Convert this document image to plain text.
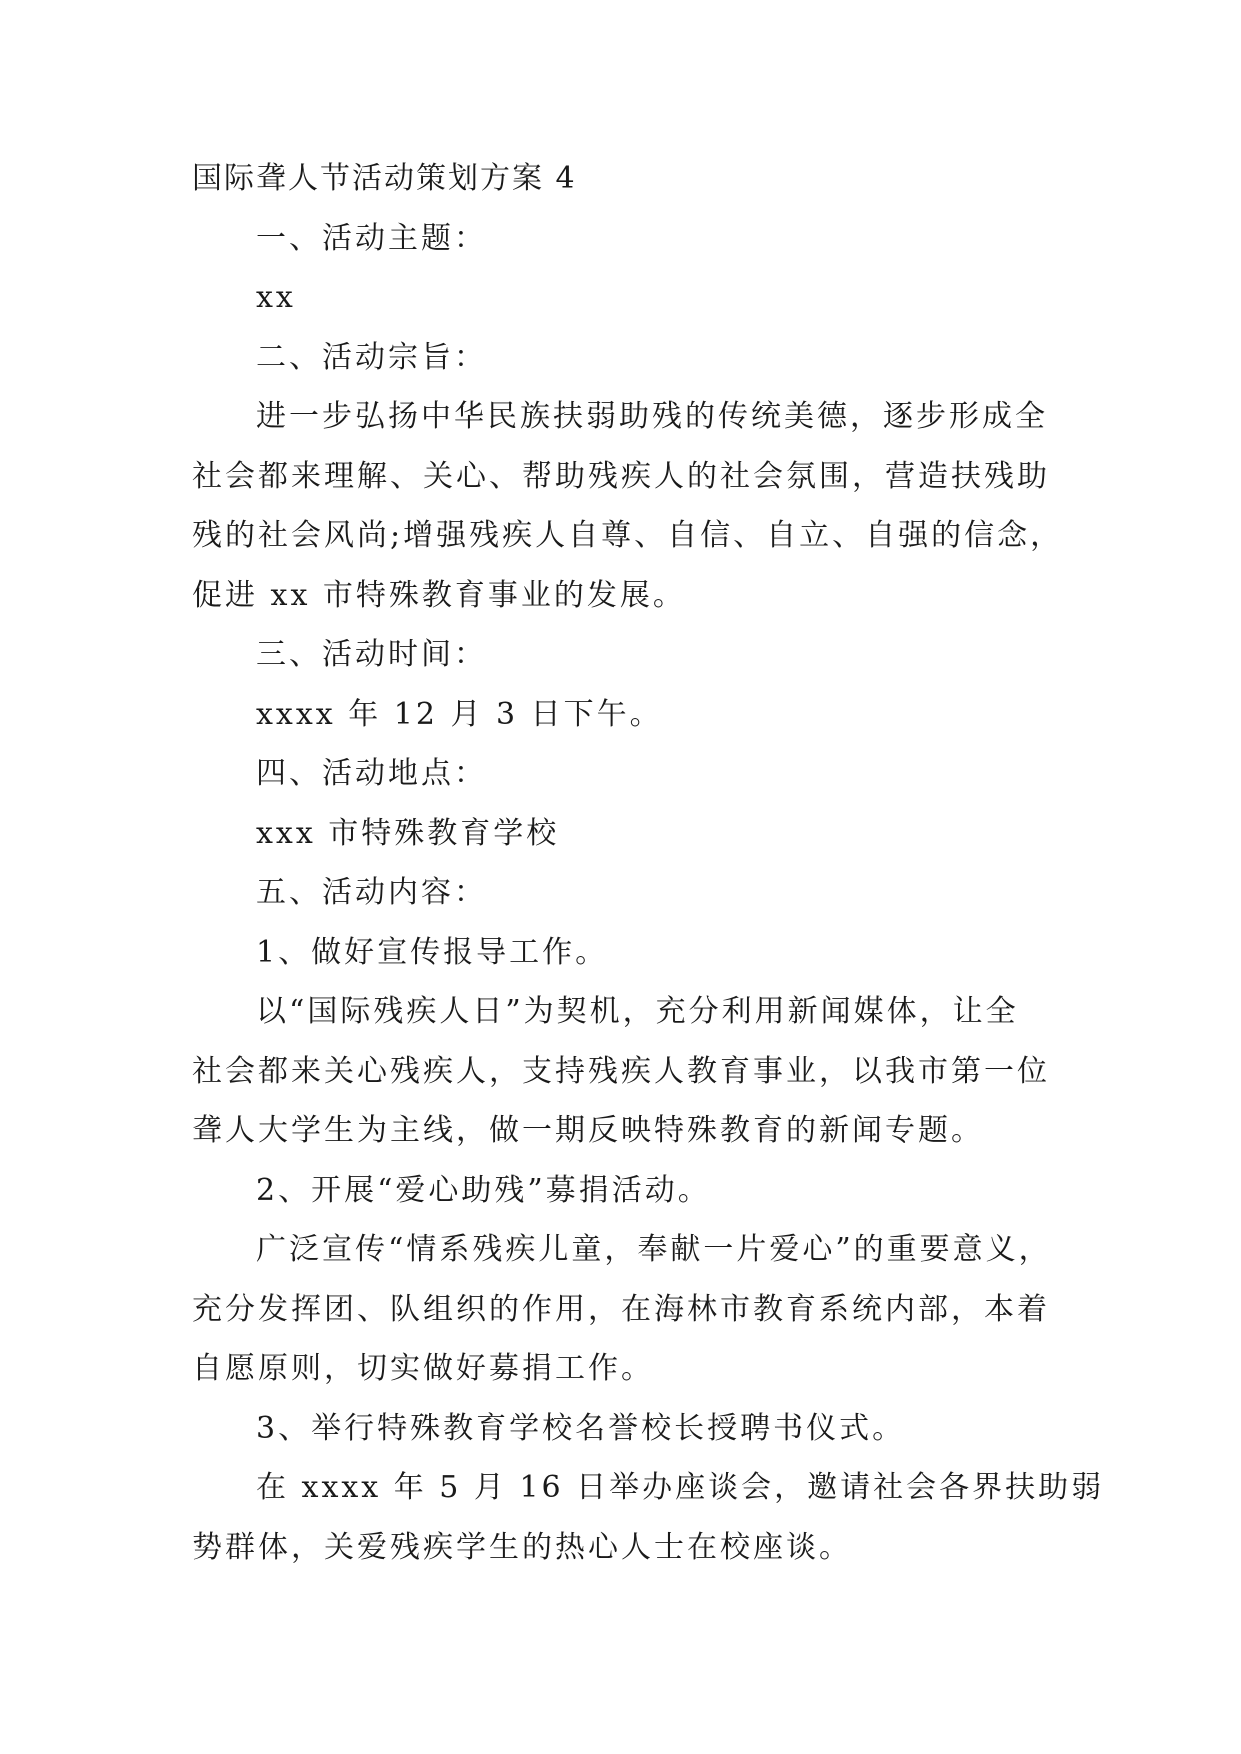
国际聋人节活动策划方案 4
一、活动主题：
xx
二、活动宗旨：
进一步弘扬中华民族扶弱助残的传统美德，逐步形成全
社会都来理解、关心、帮助残疾人的社会氛围，营造扶残助
残的社会风尚;增强残疾人自尊、自信、自立、自强的信念，
促进 xx 市特殊教育事业的发展。
三、活动时间：
xxxx 年 12 月 3 日下午。
四、活动地点：
xxx 市特殊教育学校
五、活动内容：
1、做好宣传报导工作。
以“国际残疾人日”为契机，充分利用新闻媒体，让全
社会都来关心残疾人，支持残疾人教育事业，以我市第一位
聋人大学生为主线，做一期反映特殊教育的新闻专题。
2、开展“爱心助残”募捐活动。
广泛宣传“情系残疾儿童，奉献一片爱心”的重要意义，
充分发挥团、队组织的作用，在海林市教育系统内部，本着
自愿原则，切实做好募捐工作。
3、举行特殊教育学校名誉校长授聘书仪式。
在 xxxx 年 5 月 16 日举办座谈会，邀请社会各界扶助弱
势群体，关爱残疾学生的热心人士在校座谈。
